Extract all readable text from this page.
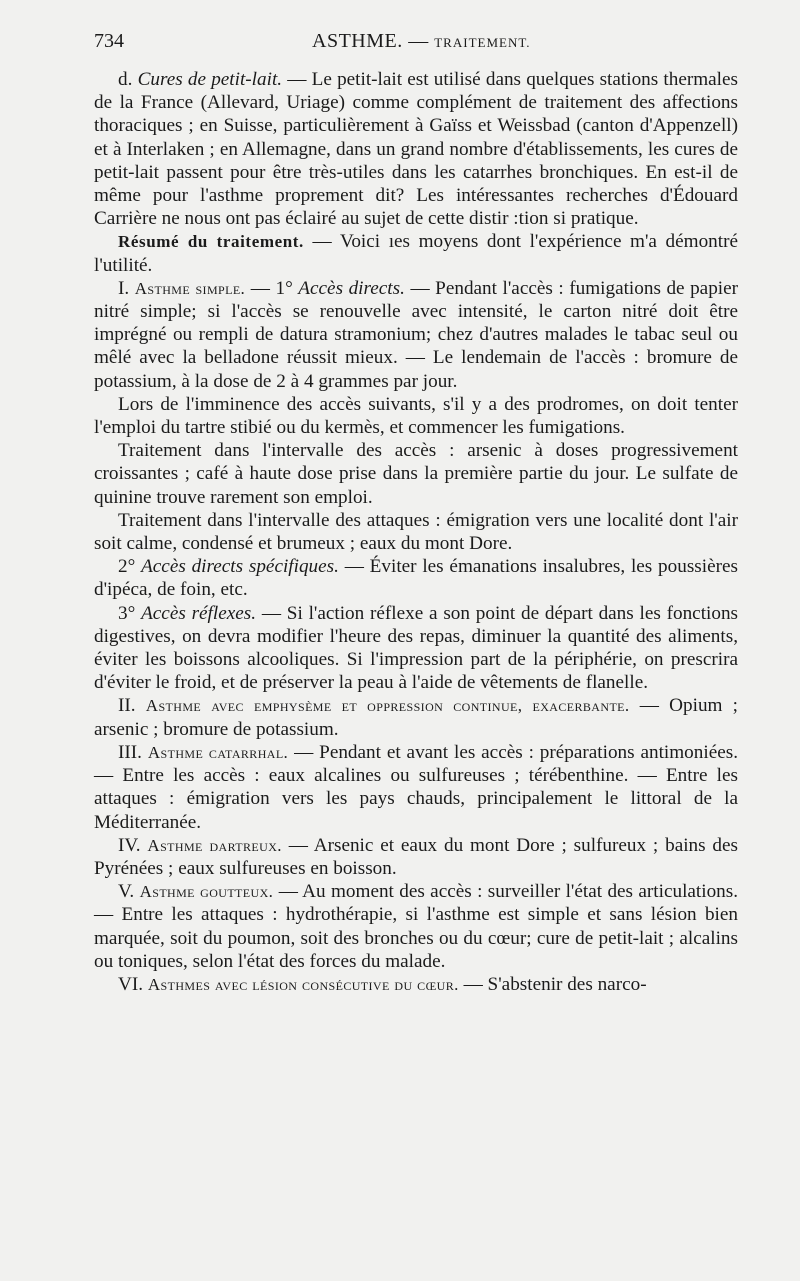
734	ASTHME. — TRAITEMENT.

d. Cures de petit-lait. — Le petit-lait est utilisé dans quelques stations thermales de la France (Allevard, Uriage) comme complément de traitement des affections thoraciques ; en Suisse, particulièrement à Gaïss et Weissbad (canton d'Appenzell) et à Interlaken ; en Allemagne, dans un grand nombre d'établissements, les cures de petit-lait passent pour être très-utiles dans les catarrhes bronchiques. En est-il de même pour l'asthme proprement dit? Les intéressantes recherches d'Édouard Carrière ne nous ont pas éclairé au sujet de cette distir :tion si pratique.

Résumé du traitement. — Voici ıes moyens dont l'expérience m'a démontré l'utilité.

I. Asthme simple. — 1° Accès directs. — Pendant l'accès : fumigations de papier nitré simple; si l'accès se renouvelle avec intensité, le carton nitré doit être imprégné ou rempli de datura stramonium; chez d'autres malades le tabac seul ou mêlé avec la belladone réussit mieux. — Le lendemain de l'accès : bromure de potassium, à la dose de 2 à 4 grammes par jour.

Lors de l'imminence des accès suivants, s'il y a des prodromes, on doit tenter l'emploi du tartre stibié ou du kermès, et commencer les fumigations.

Traitement dans l'intervalle des accès : arsenic à doses progressivement croissantes ; café à haute dose prise dans la première partie du jour. Le sulfate de quinine trouve rarement son emploi.

Traitement dans l'intervalle des attaques : émigration vers une localité dont l'air soit calme, condensé et brumeux ; eaux du mont Dore.

2° Accès directs spécifiques. — Éviter les émanations insalubres, les poussières d'ipéca, de foin, etc.

3° Accès réflexes. — Si l'action réflexe a son point de départ dans les fonctions digestives, on devra modifier l'heure des repas, diminuer la quantité des aliments, éviter les boissons alcooliques. Si l'impression part de la périphérie, on prescrira d'éviter le froid, et de préserver la peau à l'aide de vêtements de flanelle.

II. Asthme avec emphysème et oppression continue, exacerbante. — Opium ; arsenic ; bromure de potassium.

III. Asthme catarrhal. — Pendant et avant les accès : préparations antimoniées. — Entre les accès : eaux alcalines ou sulfureuses ; térébenthine. — Entre les attaques : émigration vers les pays chauds, principalement le littoral de la Méditerranée.

IV. Asthme dartreux. — Arsenic et eaux du mont Dore ; sulfureux ; bains des Pyrénées ; eaux sulfureuses en boisson.

V. Asthme goutteux. — Au moment des accès : surveiller l'état des articulations. — Entre les attaques : hydrothérapie, si l'asthme est simple et sans lésion bien marquée, soit du poumon, soit des bronches ou du cœur; cure de petit-lait ; alcalins ou toniques, selon l'état des forces du malade.

VI. Asthmes avec lésion consécutive du cœur. — S'abstenir des narco-
